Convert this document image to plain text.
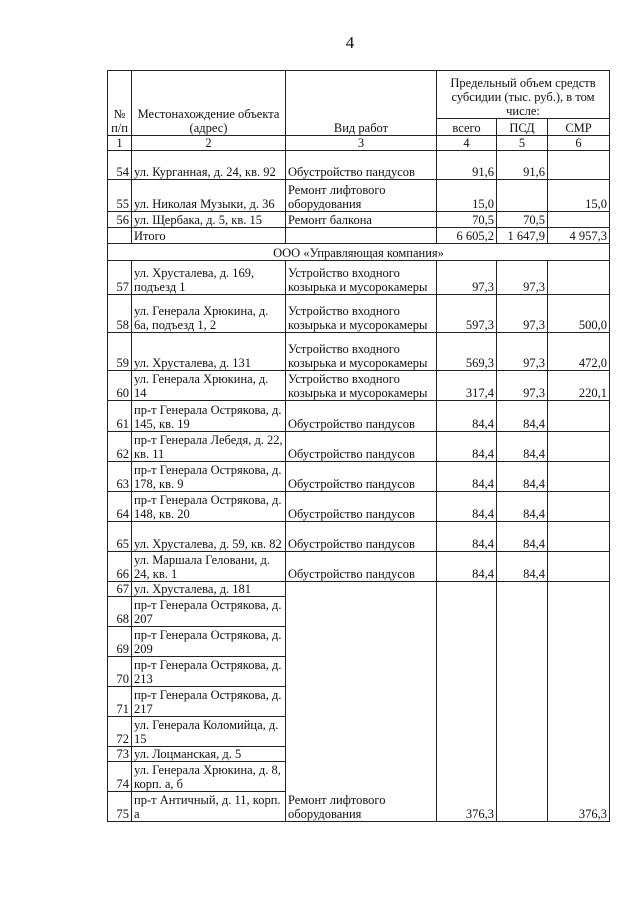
4
№ п/п	Местонахождение объекта (адрес)	Вид работ	Предельный объем средств субсидии (тыс. руб.), в том числе:		
			всего	ПСД	СМР
1	2	3	4	5	6
54	ул. Курганная, д. 24, кв. 92	Обустройство пандусов	91,6	91,6	
55	ул. Николая Музыки, д. 36	Ремонт лифтового оборудования	15,0		15,0
56	ул. Щербака, д. 5, кв. 15	Ремонт балкона	70,5	70,5	
	Итого		6 605,2	1 647,9	4 957,3
ООО «Управляющая компания»					
57	ул. Хрусталева, д. 169, подъезд 1	Устройство входного козырька и мусорокамеры	97,3	97,3	
58	ул. Генерала Хрюкина, д. 6а, подъезд 1, 2	Устройство входного козырька и мусорокамеры	597,3	97,3	500,0
59	ул. Хрусталева, д. 131	Устройство входного козырька и мусорокамеры	569,3	97,3	472,0
60	ул. Генерала Хрюкина, д. 14	Устройство входного козырька и мусорокамеры	317,4	97,3	220,1
61	пр-т Генерала Острякова, д. 145, кв. 19	Обустройство пандусов	84,4	84,4	
62	пр-т Генерала Лебедя, д. 22, кв. 11	Обустройство пандусов	84,4	84,4	
63	пр-т Генерала Острякова, д. 178, кв. 9	Обустройство пандусов	84,4	84,4	
64	пр-т Генерала Острякова, д. 148, кв. 20	Обустройство пандусов	84,4	84,4	
65	ул. Хрусталева, д. 59, кв. 82	Обустройство пандусов	84,4	84,4	
66	ул. Маршала Геловани, д. 24, кв. 1	Обустройство пандусов	84,4	84,4	
67	ул. Хрусталева, д. 181	Ремонт лифтового оборудования	376,3		376,3
68	пр-т Генерала Острякова, д. 207				
69	пр-т Генерала Острякова, д. 209				
70	пр-т Генерала Острякова, д. 213				
71	пр-т Генерала Острякова, д. 217				
72	ул. Генерала Коломийца, д. 15				
73	ул. Лоцманская, д. 5				
74	ул. Генерала Хрюкина, д. 8, корп. а, б				
75	пр-т Античный, д. 11, корп. а				
